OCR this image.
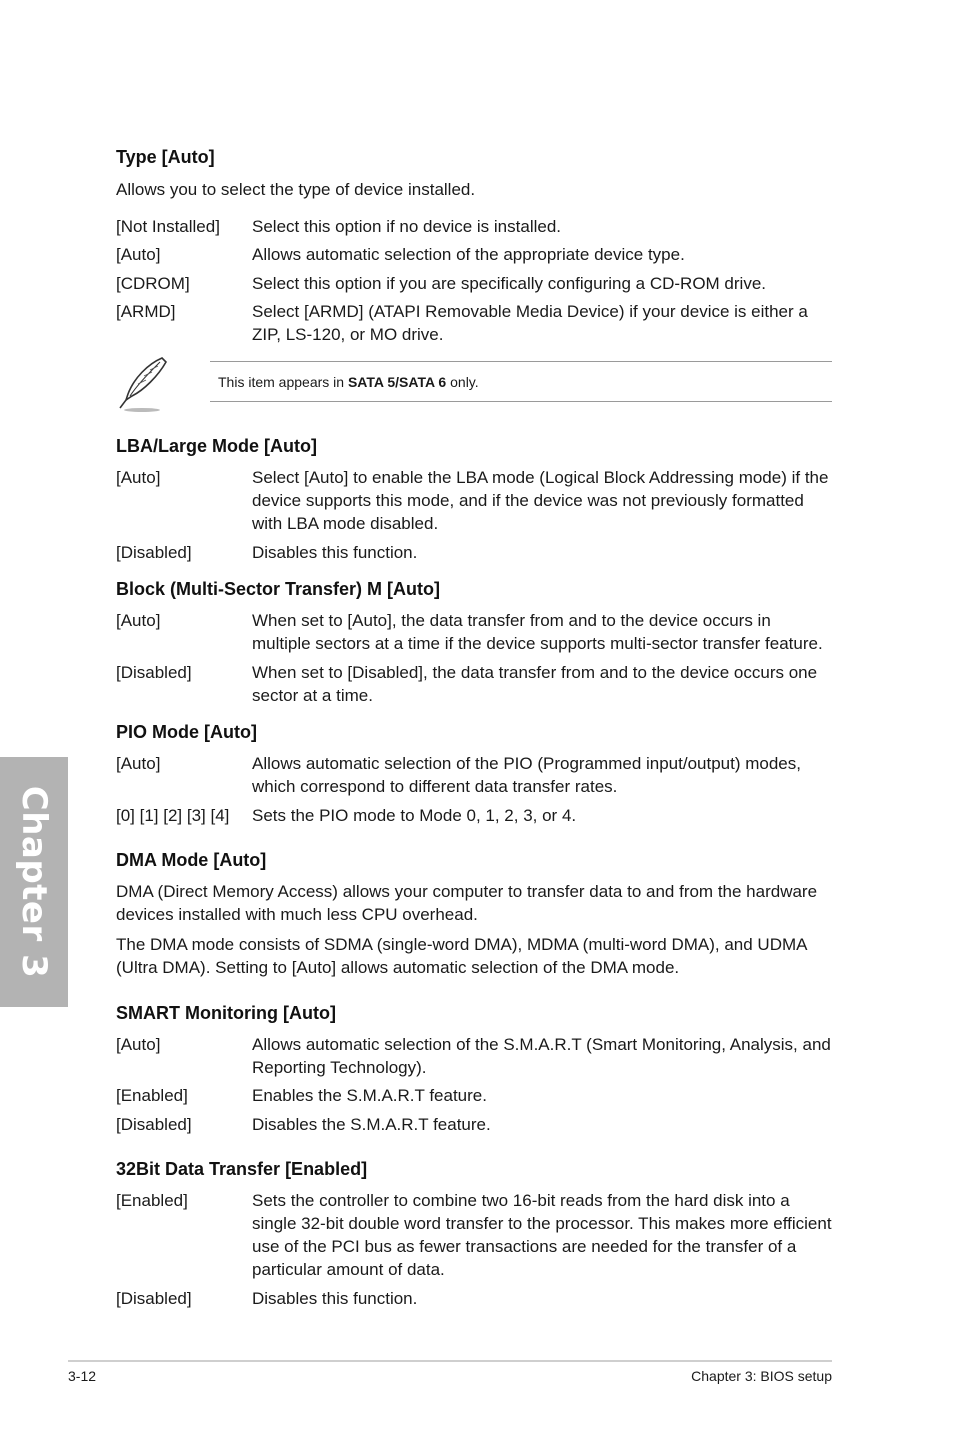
Type [Auto]
Allows you to select the type of device installed.
[Not Installed] Select this option if no device is installed.
[Auto]	Allows automatic selection of the appropriate device type.
[CDROM]	Select this option if you are specifically configuring a CD-ROM drive.
[ARMD]	Select [ARMD] (ATAPI Removable Media Device) if your device is either a ZIP, LS-120, or MO drive.
LBA/Large Mode [Auto]
[Auto]	Select [Auto] to enable the LBA mode (Logical Block Addressing mode) if the device supports this mode, and if the device was not previously formatted with LBA mode disabled.
[Disabled]	Disables this function.
Block (Multi-Sector Transfer) M [Auto]
[Auto]	When set to [Auto], the data transfer from and to the device occurs in multiple sectors at a time if the device supports multi-sector transfer feature.
[Disabled]	When set to [Disabled], the data transfer from and to the device occurs one sector at a time.
PIO Mode [Auto]
[Auto]	Allows automatic selection of the PIO (Programmed input/output) modes, which correspond to different data transfer rates.
[0] [1] [2] [3] [4] Sets the PIO mode to Mode 0, 1, 2, 3, or 4.
DMA Mode [Auto]
DMA (Direct Memory Access) allows your computer to transfer data to and from the hardware devices installed with much less CPU overhead.
The DMA mode consists of SDMA (single-word DMA), MDMA (multi-word DMA), and UDMA (Ultra DMA). Setting to [Auto] allows automatic selection of the DMA mode.
SMART Monitoring [Auto]
[Auto]	Allows automatic selection of the S.M.A.R.T (Smart Monitoring, Analysis, and Reporting Technology).
[Enabled]	Enables the S.M.A.R.T feature.
[Disabled]	Disables the S.M.A.R.T feature.
32Bit Data Transfer [Enabled]
[Enabled]	Sets the controller to combine two 16-bit reads from the hard disk into a single 32-bit double word transfer to the processor. This makes more efficient use of the PCI bus as fewer transactions are needed for the transfer of a particular amount of data.
[Disabled]	Disables this function.
This item appears in SATA 5/SATA 6 only.
Chapter 3
3-12	Chapter 3: BIOS setup
